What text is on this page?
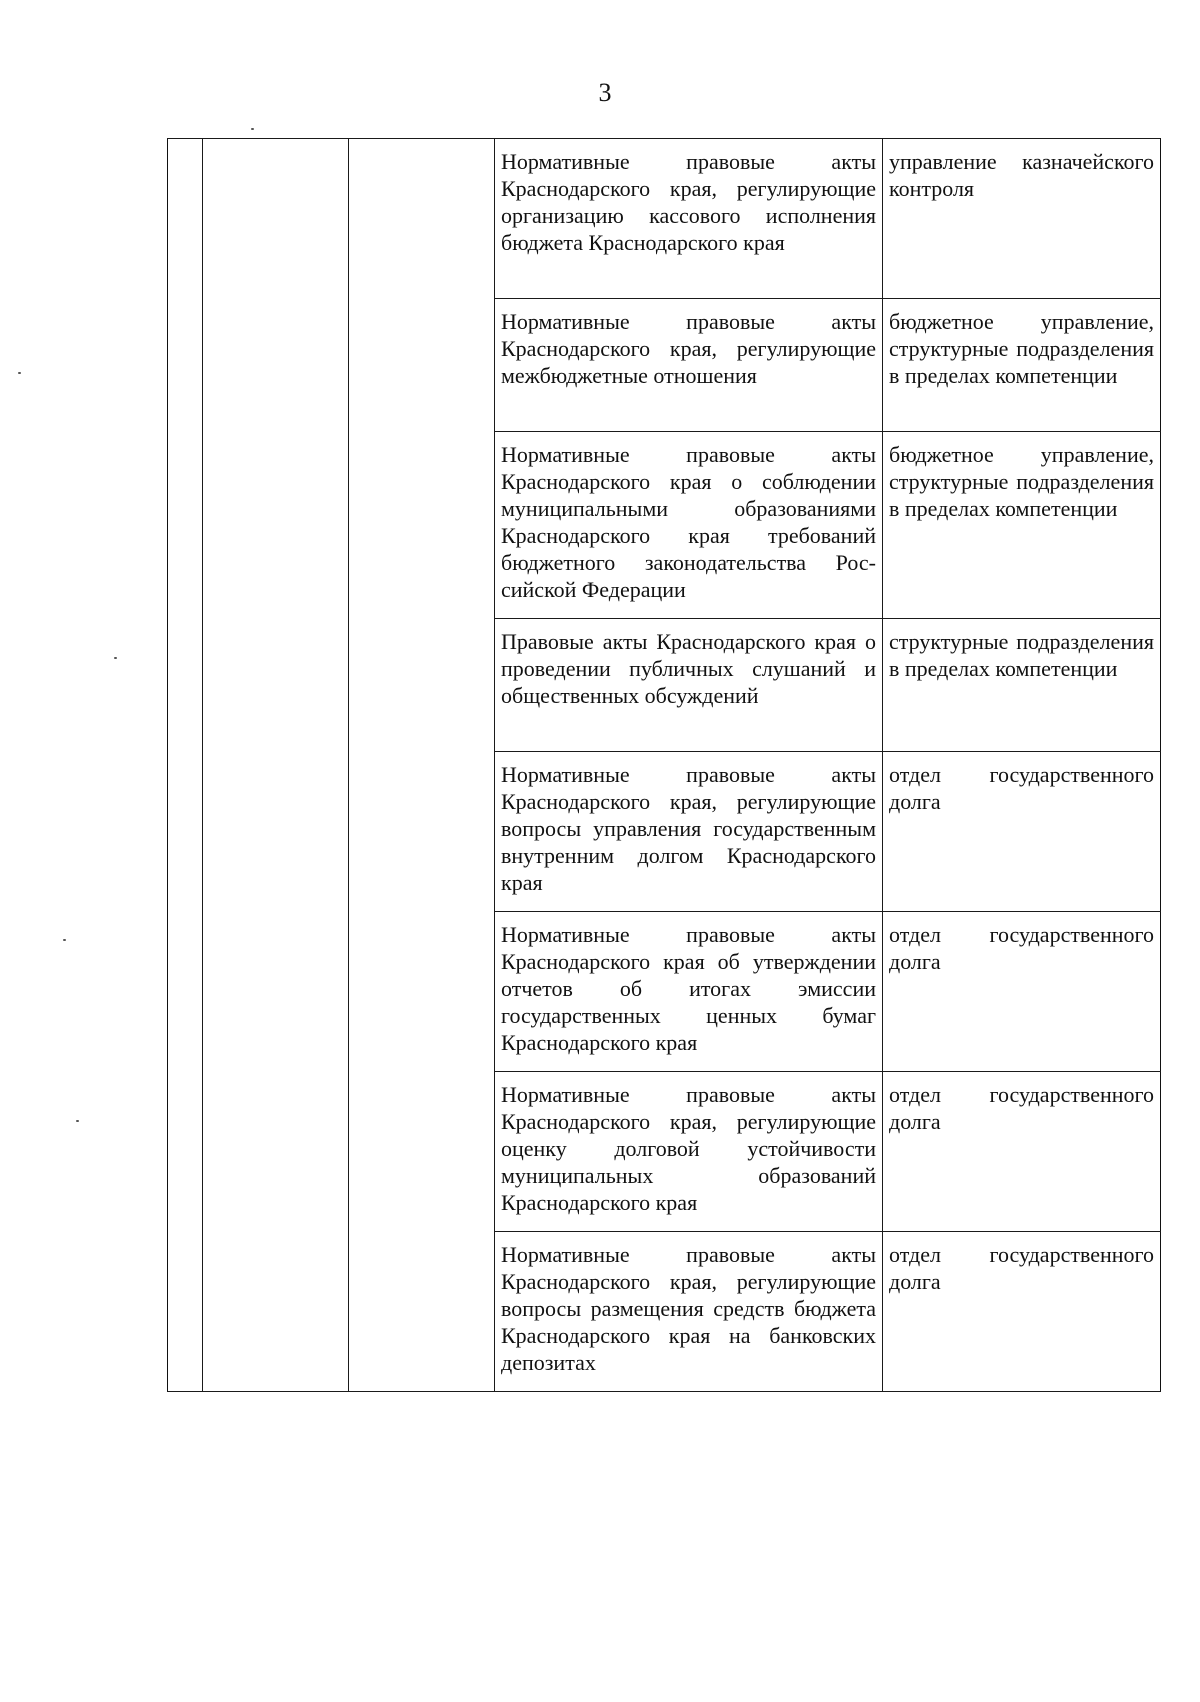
3
			Нормативные правовые акты Краснодарского края, регулирующие организацию кассового исполнения бюджета Краснодарского края	управление казначейского контроля
			Нормативные правовые акты Краснодарского края, регулирующие межбюджетные отношения	бюджетное управление, структурные подразделения в пределах компетенции
			Нормативные правовые акты Краснодарского края о соблюдении муниципальными образованиями Краснодарского края требований бюджетного законодательства Российской Федерации	бюджетное управление, структурные подразделения в пределах компетенции
			Правовые акты Краснодарского края о проведении публичных слушаний и общественных обсуждений	структурные подразделения в пределах компетенции
			Нормативные правовые акты Краснодарского края, регулирующие вопросы управления государственным внутренним долгом Краснодарского края	отдел государственного долга
			Нормативные правовые акты Краснодарского края об утверждении отчетов об итогах эмиссии государственных ценных бумаг Краснодарского края	отдел государственного долга
			Нормативные правовые акты Краснодарского края, регулирующие оценку долговой устойчивости муниципальных образований Краснодарского края	отдел государственного долга
			Нормативные правовые акты Краснодарского края, регулирующие вопросы размещения средств бюджета Краснодарского края на банковских депозитах	отдел государственного долга
